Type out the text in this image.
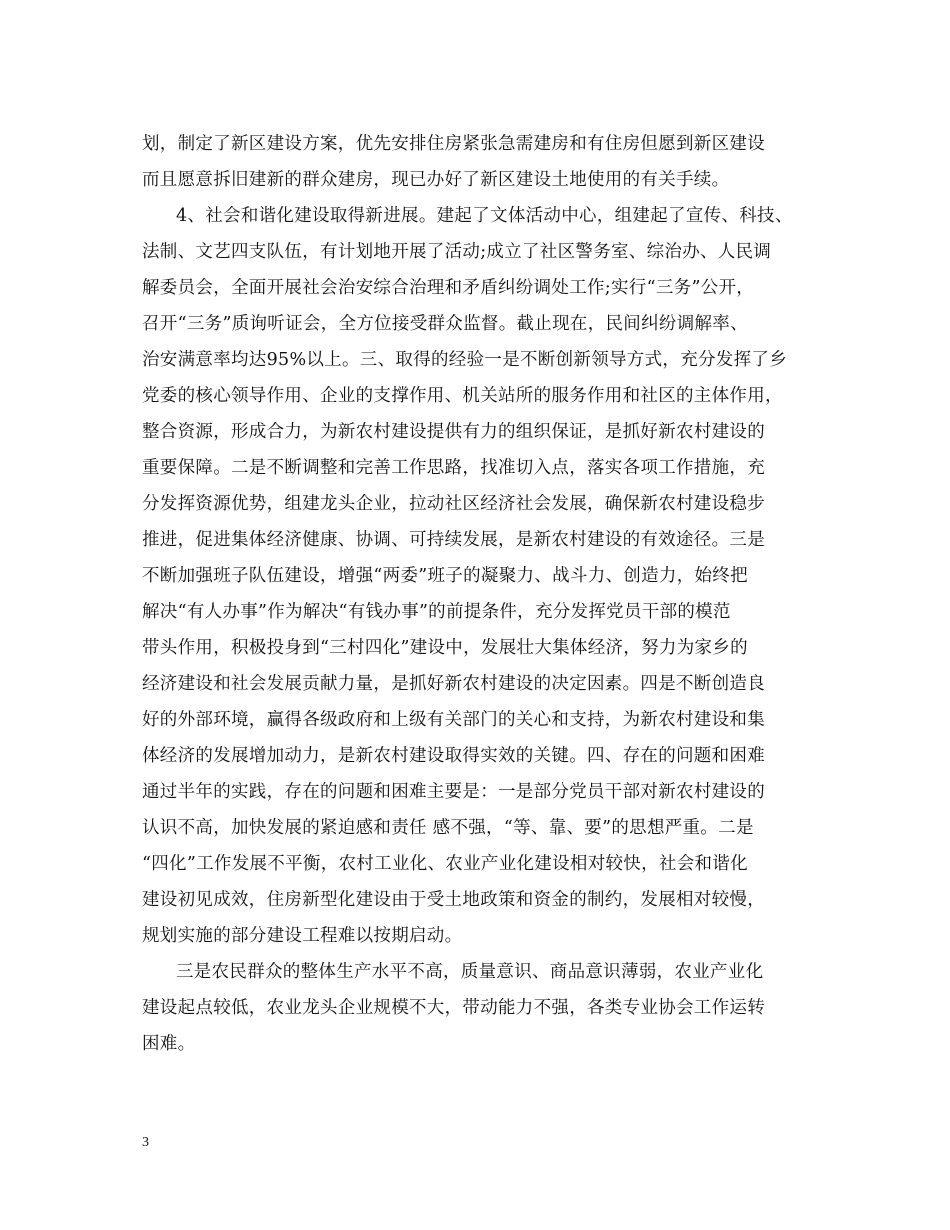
划，制定了新区建设方案，优先安排住房紧张急需建房和有住房但愿到新区建设
而且愿意拆旧建新的群众建房，现已办好了新区建设土地使用的有关手续。
4、社会和谐化建设取得新进展。建起了文体活动中心，组建起了宣传、科技、
法制、文艺四支队伍，有计划地开展了活动;成立了社区警务室、综治办、人民调
解委员会，全面开展社会治安综合治理和矛盾纠纷调处工作;实行“三务”公开，
召开“三务”质询听证会，全方位接受群众监督。截止现在，民间纠纷调解率、
治安满意率均达95%以上。三、取得的经验一是不断创新领导方式，充分发挥了乡
党委的核心领导作用、企业的支撑作用、机关站所的服务作用和社区的主体作用，
整合资源，形成合力，为新农村建设提供有力的组织保证，是抓好新农村建设的
重要保障。二是不断调整和完善工作思路，找准切入点，落实各项工作措施，充
分发挥资源优势，组建龙头企业，拉动社区经济社会发展，确保新农村建设稳步
推进，促进集体经济健康、协调、可持续发展，是新农村建设的有效途径。三是
不断加强班子队伍建设，增强“两委”班子的凝聚力、战斗力、创造力，始终把
解决“有人办事”作为解决“有钱办事”的前提条件，充分发挥党员干部的模范
带头作用，积极投身到“三村四化”建设中，发展壮大集体经济，努力为家乡的
经济建设和社会发展贡献力量，是抓好新农村建设的决定因素。四是不断创造良
好的外部环境，赢得各级政府和上级有关部门的关心和支持，为新农村建设和集
体经济的发展增加动力，是新农村建设取得实效的关键。四、存在的问题和困难
通过半年的实践，存在的问题和困难主要是：一是部分党员干部对新农村建设的
认识不高，加快发展的紧迫感和责任 感不强，“等、靠、要”的思想严重。二是
“四化”工作发展不平衡，农村工业化、农业产业化建设相对较快，社会和谐化
建设初见成效，住房新型化建设由于受土地政策和资金的制约，发展相对较慢，
规划实施的部分建设工程难以按期启动。
三是农民群众的整体生产水平不高，质量意识、商品意识薄弱，农业产业化
建设起点较低，农业龙头企业规模不大，带动能力不强，各类专业协会工作运转
困难。
3
